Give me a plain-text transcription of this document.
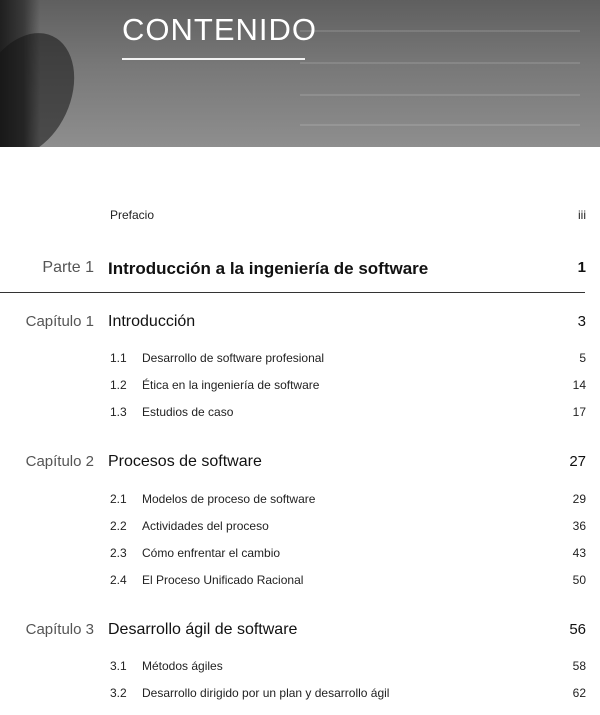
CONTENIDO
Prefacio	iii
Parte 1 Introducción a la ingeniería de software	1
Capítulo 1 Introducción	3
1.1 Desarrollo de software profesional	5
1.2 Ética en la ingeniería de software	14
1.3 Estudios de caso	17
Capítulo 2 Procesos de software	27
2.1 Modelos de proceso de software	29
2.2 Actividades del proceso	36
2.3 Cómo enfrentar el cambio	43
2.4 El Proceso Unificado Racional	50
Capítulo 3 Desarrollo ágil de software	56
3.1 Métodos ágiles	58
3.2 Desarrollo dirigido por un plan y desarrollo ágil	62
